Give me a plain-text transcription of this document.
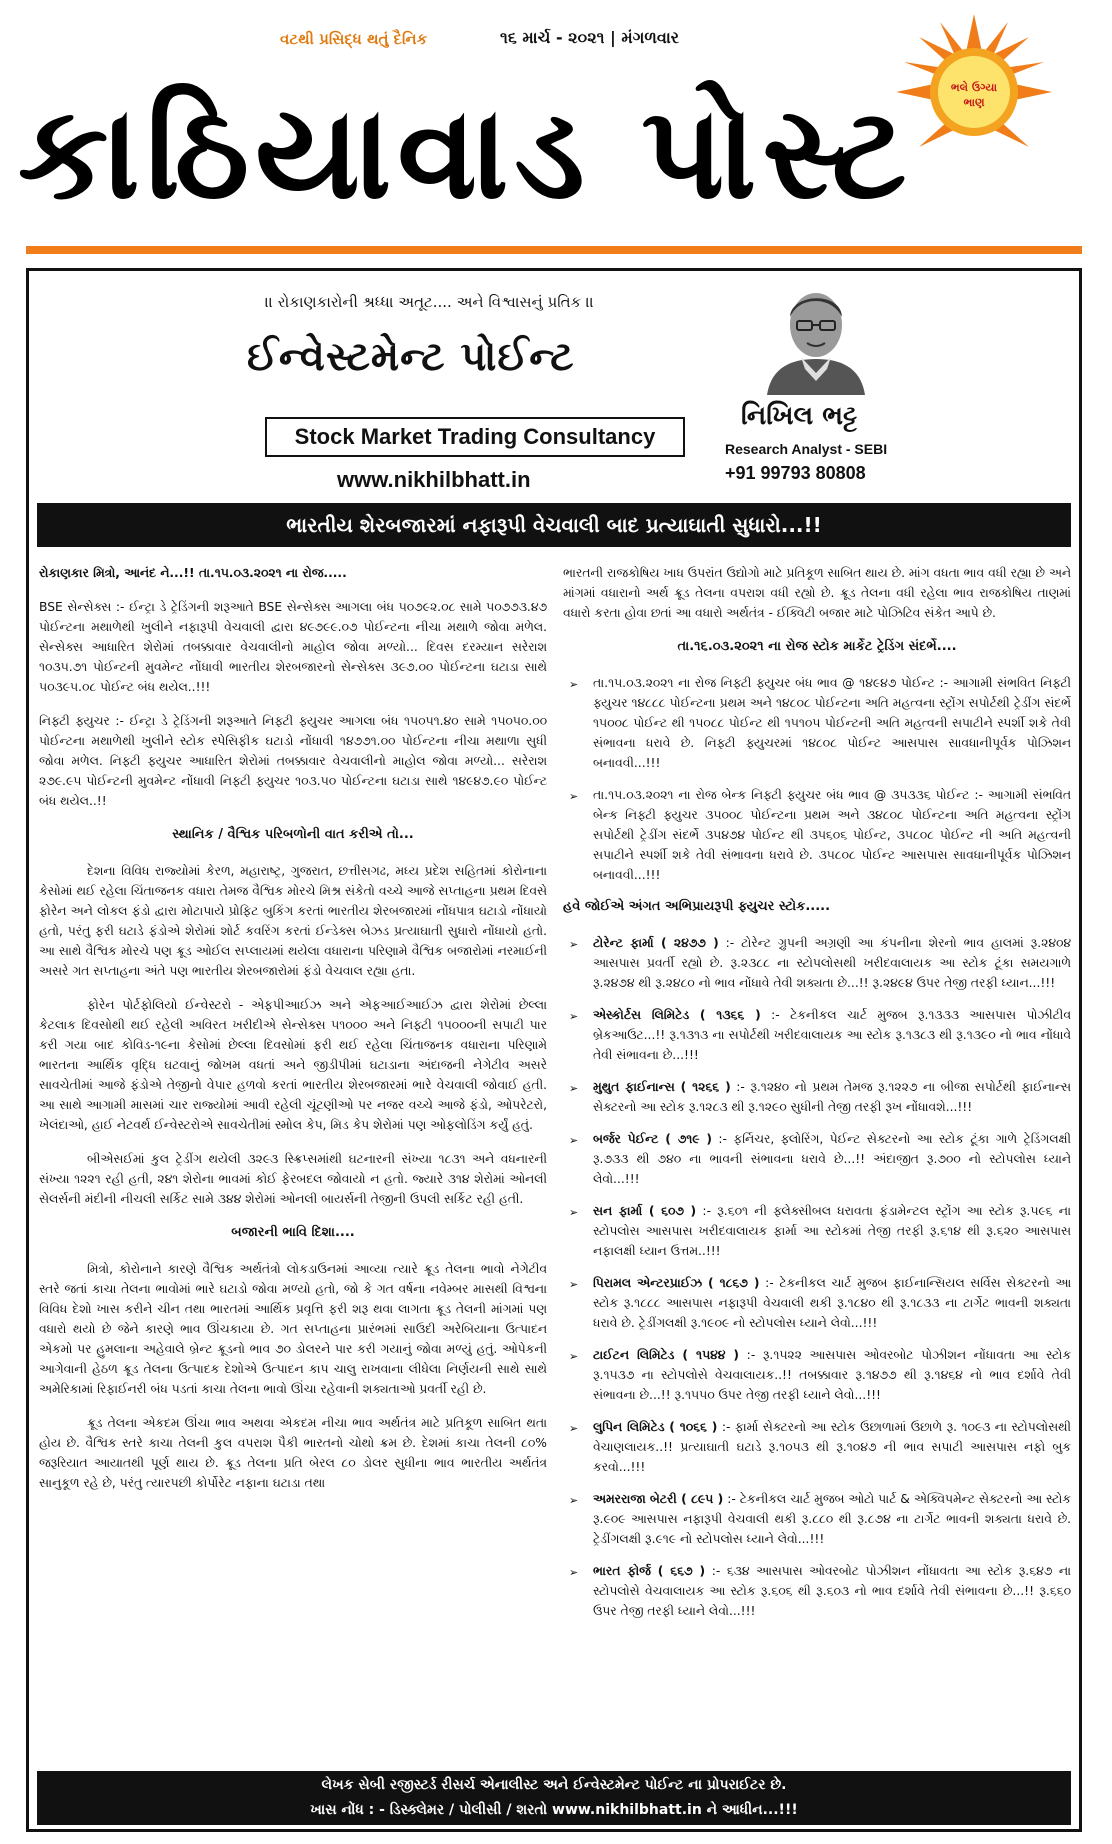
વટથી પ્રસિદ્ધ થતું દૈનિક	૧૬ માર્ચ - ૨૦૨૧ | મંગળવાર
ભલે ઉગ્યા
ભાણ
કાઠિયાવાડ પોસ્ટ
।। રોકાણકારોની શ્રધ્ધા અતૂટ.... અને વિશ્વાસનું પ્રતિક ।।
ઈન્વેસ્ટમેન્ટ પોઈન્ટ
Stock Market Trading Consultancy
www.nikhilbhatt.in
નિખિલ ભટ્ટ
Research Analyst - SEBI
+91 99793 80808
ભારતીય શેરબજારમાં નફારૂપી વેચવાલી બાદ પ્રત્યાઘાતી સુધારો...!!

રોકાણકાર મિત્રો, આનંદ ને...!! તા.૧૫.૦૩.૨૦૨૧ ના રોજ.....

BSE સેન્સેક્સ :- ઈન્ટ્રા ડે ટ્રેડિંગની શરૂઆતે BSE સેન્સેક્સ આગલા બંધ ૫૦૭૯૨.૦૮ સામે ૫૦૭૭૩.૪૭ પોઈન્ટના મથાળેથી ખુલીને નફારૂપી વેચવાલી દ્વારા ૪૯૭૯૯.૦૭ પોઈન્ટના નીચા મથાળે જોવા મળેલ. સેન્સેક્સ આધારિત શેરોમાં તબક્કાવાર વેચવાલીનો માહોલ જોવા મળ્યો... દિવસ દરમ્યાન સરેરાશ ૧૦૩૫.૭૧ પોઈન્ટની મુવમેન્ટ નોંધાવી ભારતીય શેરબજારનો સેન્સેક્સ ૩૯૭.૦૦ પોઈન્ટના ઘટાડા સાથે ૫૦૩૯૫.૦૮ પોઈન્ટ બંધ થયેલ..!!!

નિફ્ટી ફ્યુચર :- ઈન્ટ્રા ડે ટ્રેડિંગની શરૂઆતે નિફ્ટી ફ્યુચર આગલા બંધ ૧૫૦૫૧.૪૦ સામે ૧૫૦૫૦.૦૦ પોઈન્ટના મથાળેથી ખુલીને સ્ટોક સ્પેસિફીક ઘટાડો નોંધાવી ૧૪૭૭૧.૦૦ પોઈન્ટના નીચા મથાળા સુધી જોવા મળેલ. નિફ્ટી ફ્યુચર આધારિત શેરોમાં તબક્કાવાર વેચવાલીનો માહોલ જોવા મળ્યો... સરેરાશ ૨૭૯.૯૫ પોઈન્ટની મુવમેન્ટ નોંધાવી નિફ્ટી ફ્યુચર ૧૦૩.૫૦ પોઈન્ટના ઘટાડા સાથે ૧૪૯૪૭.૯૦ પોઈન્ટ બંધ થયેલ..!!

સ્થાનિક / વૈશ્વિક પરિબળોની વાત કરીએ તો...

દેશના વિવિધ રાજ્યોમાં કેરળ, મહારાષ્ટ્ર, ગુજરાત, છત્તીસગઢ, મધ્ય પ્રદેશ સહિતમાં કોરોનાના કેસોમાં થઈ રહેલા ચિંતાજનક વધારા તેમજ વૈશ્વિક મોરચે મિશ્ર સંકેતો વચ્ચે આજે સપ્તાહના પ્રથમ દિવસે ફોરેન અને લોકલ ફંડો દ્વારા મોટાપાયે પ્રોફિટ બુકિંગ કરતાં ભારતીય શેરબજારમાં નોંધપાત્ર ઘટાડો નોંધાયો હતો, પરંતુ ફરી ઘટાડે ફંડોએ શેરોમાં શોર્ટ કવરિંગ કરતાં ઈન્ડેક્સ બેઝડ પ્રત્યાઘાતી સુધારો નોંધાયો હતો. આ સાથે વૈશ્વિક મોરચે પણ ક્રૂડ ઓઈલ સપ્લાયમાં થયેલા વધારાના પરિણામે વૈશ્વિક બજારોમાં નરમાઈની અસરે ગત સપ્તાહના અંતે પણ ભારતીય શેરબજારોમાં ફંડો વેચવાલ રહ્યા હતા.

ફોરેન પોર્ટફોલિયો ઈન્વેસ્ટરો - એફપીઆઈઝ અને એફઆઈઆઈઝ દ્વારા શેરોમાં છેલ્લા કેટલાક દિવસોથી થઈ રહેલી અવિરત ખરીદીએ સેન્સેક્સ ૫૧૦૦૦ અને નિફ્ટી ૧૫૦૦૦ની સપાટી પાર કરી ગયા બાદ કોવિડ-૧૯ના કેસોમાં છેલ્લા દિવસોમાં ફરી થઈ રહેલા ચિંતાજનક વધારાના પરિણામે ભારતના આર્થિક વૃદ્ધિ ઘટવાનું જોખમ વધતાં અને જીડીપીમાં ઘટાડાના અંદાજની નેગેટીવ અસરે સાવચેતીમાં આજે ફંડોએ તેજીનો વેપાર હળવો કરતાં ભારતીય શેરબજારમાં ભારે વેચવાલી જોવાઈ હતી. આ સાથે આગામી માસમાં ચાર રાજ્યોમાં આવી રહેલી ચૂંટણીઓ પર નજર વચ્ચે આજે ફંડો, ઓપરેટરો, ખેલંદાઓ, હાઈ નેટવર્થ ઈન્વેસ્ટરોએ સાવચેતીમાં સ્મોલ કેપ, મિડ કેપ શેરોમાં પણ ઓફલોડિંગ કર્યું હતું.

બીએસઈમાં કુલ ટ્રેડીંગ થયેલી ૩૨૯૩ સ્ક્રિપ્સમાંથી ઘટનારની સંખ્યા ૧૮૩૧ અને વધનારની સંખ્યા ૧૨૨૧ રહી હતી, ૨૪૧ શેરોના ભાવમાં કોઈ ફેરબદલ જોવાયો ન હતો. જ્યારે ૩૧૪ શેરોમાં ઓનલી સેલર્સની મંદીની નીચલી સર્કિટ સામે ૩૪૪ શેરોમાં ઓનલી બાયર્સની તેજીની ઉપલી સર્કિટ રહી હતી.

બજારની ભાવિ દિશા....

મિત્રો, કોરોનાને કારણે વૈશ્વિક અર્થતંત્રો લોકડાઉનમાં આવ્યા ત્યારે ક્રૂડ તેલના ભાવો નેગેટીવ સ્તરે જતાં કાચા તેલના ભાવોમાં ભારે ઘટાડો જોવા મળ્યો હતો, જો કે ગત વર્ષના નવેમ્બર માસથી વિશ્વના વિવિધ દેશો ખાસ કરીને ચીન તથા ભારતમાં આર્થિક પ્રવૃત્તિ ફરી શરૂ થવા લાગતા ક્રૂડ તેલની માંગમાં પણ વધારો થયો છે જેને કારણે ભાવ ઊંચકાયા છે. ગત સપ્તાહના પ્રારંભમાં સાઉદી અરેબિયાના ઉત્પાદન એકમો પર હુમલાના અહેવાલે બ્રેન્ટ ક્રૂડનો ભાવ ૭૦ ડોલરને પાર કરી ગયાનું જોવા મળ્યું હતું. ઓપેકની આગેવાની હેઠળ ક્રૂડ તેલના ઉત્પાદક દેશોએ ઉત્પાદન કાપ ચાલુ રાખવાના લીધેલા નિર્ણયની સાથે સાથે અમેરિકામાં રિફાઈનરી બંધ પડતાં કાચા તેલના ભાવો ઊંચા રહેવાની શક્યતાઓ પ્રવર્તી રહી છે.

ક્રૂડ તેલના એકદમ ઊંચા ભાવ અથવા એકદમ નીચા ભાવ અર્થતંત્ર માટે પ્રતિકૂળ સાબિત થતા હોય છે. વૈશ્વિક સ્તરે કાચા તેલની કુલ વપરાશ પૈકી ભારતનો ચોથો ક્રમ છે. દેશમાં કાચા તેલની ૮૦% જરૂરિયાત આયાતથી પૂર્ણ થાય છે. ક્રૂડ તેલના પ્રતિ બેરલ ૮૦ ડોલર સુધીના ભાવ ભારતીય અર્થતંત્ર સાનુકૂળ રહે છે, પરંતુ ત્યારપછી કોર્પોરેટ નફાના ઘટાડા તથા

ભારતની રાજકોષિય ખાધ ઉપરાંત ઉદ્યોગો માટે પ્રતિકૂળ સાબિત થાય છે. માંગ વધતા ભાવ વધી રહ્યા છે અને માંગમાં વધારાનો અર્થ ક્રૂડ તેલના વપરાશ વધી રહ્યો છે. ક્રૂડ તેલના વધી રહેલા ભાવ રાજકોષિય તાણમાં વધારો કરતા હોવા છતાં આ વધારો અર્થતંત્ર - ઈક્વિટી બજાર માટે પોઝિટિવ સંકેત આપે છે.

તા.૧૬.૦૩.૨૦૨૧ ના રોજ સ્ટોક માર્કેટ ટ્રેડિંગ સંદર્ભે....
➢ તા.૧૫.૦૩.૨૦૨૧ ના રોજ નિફ્ટી ફ્યુચર બંધ ભાવ @ ૧૪૯૪૭ પોઈન્ટ :- આગામી સંભવિત નિફ્ટી ફ્યુચર ૧૪૮૮૮ પોઈન્ટના પ્રથમ અને ૧૪૮૦૮ પોઈન્ટના અતિ મહત્વના સ્ટ્રોંગ સપોર્ટથી ટ્રેડીંગ સંદર્ભે ૧૫૦૦૮ પોઈન્ટ થી ૧૫૦૮૮ પોઈન્ટ થી ૧૫૧૦૫ પોઈન્ટની અતિ મહત્વની સપાટીને સ્પર્શી શકે તેવી સંભાવના ધરાવે છે. નિફ્ટી ફ્યુચરમાં ૧૪૮૦૮ પોઈન્ટ આસપાસ સાવધાનીપૂર્વક પોઝિશન બનાવવી...!!!
➢ તા.૧૫.૦૩.૨૦૨૧ ના રોજ બેન્ક નિફ્ટી ફ્યુચર બંધ ભાવ @ ૩૫૩૩૬ પોઈન્ટ :- આગામી સંભવિત બેન્ક નિફ્ટી ફ્યુચર ૩૫૦૦૮ પોઈન્ટના પ્રથમ અને ૩૪૮૦૮ પોઈન્ટના અતિ મહત્વના સ્ટ્રોંગ સપોર્ટથી ટ્રેડીંગ સંદર્ભે ૩૫૪૭૪ પોઈન્ટ થી ૩૫૬૦૬ પોઈન્ટ, ૩૫૮૦૮ પોઈન્ટ ની અતિ મહત્વની સપાટીને સ્પર્શી શકે તેવી સંભાવના ધરાવે છે. ૩૫૮૦૮ પોઈન્ટ આસપાસ સાવધાનીપૂર્વક પોઝિશન બનાવવી...!!!
હવે જોઈએ અંગત અભિપ્રાયરૂપી ફ્યુચર સ્ટોક.....
➢ ટોરેન્ટ ફાર્મા ( ૨૪૭૭ ) :- ટોરેન્ટ ગ્રુપની અગ્રણી આ કંપનીના શેરનો ભાવ હાલમાં રૂ.૨૪૦૪ આસપાસ પ્રવર્તી રહ્યો છે. રૂ.૨૩૮૮ ના સ્ટોપલોસથી ખરીદવાલાયક આ સ્ટોક ટૂંકા સમયગાળે રૂ.૨૪૭૪ થી રૂ.૨૪૮૦ નો ભાવ નોંધાવે તેવી શક્યતા છે...!! રૂ.૨૪૯૪ ઉપર તેજી તરફી ધ્યાન...!!!
➢ એસ્કોર્ટસ લિમિટેડ ( ૧૩૬૬ ) :- ટેકનીકલ ચાર્ટ મુજબ રૂ.૧૩૩૩ આસપાસ પોઝીટીવ બ્રેકઆઉટ...!! રૂ.૧૩૧૩ ના સપોર્ટથી ખરીદવાલાયક આ સ્ટોક રૂ.૧૩૮૩ થી રૂ.૧૩૯૦ નો ભાવ નોંધાવે તેવી સંભાવના છે...!!!
➢ મુથુત ફાઈનાન્સ ( ૧૨૬૬ ) :- રૂ.૧૨૪૦ નો પ્રથમ તેમજ રૂ.૧૨૨૭ ના બીજા સપોર્ટથી ફાઈનાન્સ સેક્ટરનો આ સ્ટોક રૂ.૧૨૮૩ થી રૂ.૧૨૯૦ સુધીની તેજી તરફી રૂખ નોંધાવશે...!!!
➢ બર્જર પેઈન્ટ ( ૭૧૯ ) :- ફર્નિચર, ફ્લોરિંગ, પેઈન્ટ સેક્ટરનો આ સ્ટોક ટૂંકા ગાળે ટ્રેડિંગલક્ષી રૂ.૭૩૩ થી ૭૪૦ ના ભાવની સંભાવના ધરાવે છે...!! અંદાજીત રૂ.૭૦૦ નો સ્ટોપલોસ ધ્યાને લેવો...!!!
➢ સન ફાર્મા ( ૬૦૭ ) :- રૂ.૬૦૧ ની ફ્લેક્સીબલ ધરાવતા ફંડામેન્ટલ સ્ટ્રોંગ આ સ્ટોક રૂ.૫૯૬ ના સ્ટોપલોસ આસપાસ ખરીદવાલાયક ફાર્મા આ સ્ટોકમાં તેજી તરફી રૂ.૬૧૪ થી રૂ.૬૨૦ આસપાસ નફાલક્ષી ધ્યાન ઉત્તમ..!!!
➢ પિરામલ એન્ટરપ્રાઈઝ ( ૧૮૬૭ ) :- ટેકનીકલ ચાર્ટ મુજબ ફાઈનાન્સિયલ સર્વિસ સેક્ટરનો આ સ્ટોક રૂ.૧૮૮૮ આસપાસ નફારૂપી વેચવાલી થકી રૂ.૧૮૪૦ થી રૂ.૧૮૩૩ ના ટાર્ગેટ ભાવની શક્યતા ધરાવે છે. ટ્રેડીંગલક્ષી રૂ.૧૯૦૯ નો સ્ટોપલોસ ધ્યાને લેવો...!!!
➢ ટાઈટન લિમિટેડ ( ૧૫૪૪ ) :- રૂ.૧૫૨૨ આસપાસ ઓવરબોટ પોઝીશન નોંધાવતા આ સ્ટોક રૂ.૧૫૩૭ ના સ્ટોપલોસે વેચવાલાયક..!! તબક્કાવાર રૂ.૧૪૭૭ થી રૂ.૧૪૬૪ નો ભાવ દર્શાવે તેવી સંભાવના છે...!! રૂ.૧૫૫૦ ઉપર તેજી તરફી ધ્યાને લેવો...!!!
➢ લુપિન લિમિટેડ ( ૧૦૬૬ ) :- ફાર્મા સેક્ટરનો આ સ્ટોક ઉછાળામાં ઉછાળે રૂ. ૧૦૯૩ ના સ્ટોપલોસથી વેચાણલાયક..!! પ્રત્યાઘાતી ઘટાડે રૂ.૧૦૫૩ થી રૂ.૧૦૪૭ ની ભાવ સપાટી આસપાસ નફો બુક કરવો...!!!
➢ અમરરાજા બેટરી ( ૮૯૫ ) :- ટેકનીકલ ચાર્ટ મુજબ ઓટો પાર્ટ & એક્વિપમેન્ટ સેક્ટરનો આ સ્ટોક રૂ.૯૦૯ આસપાસ નફારૂપી વેચવાલી થકી રૂ.૮૮૦ થી રૂ.૮૭૪ ના ટાર્ગેટ ભાવની શક્યતા ધરાવે છે. ટ્રેડીંગલક્ષી રૂ.૯૧૯ નો સ્ટોપલોસ ધ્યાને લેવો...!!!
➢ ભારત ફોર્જ ( ૬૬૭ ) :- ૬૩૪ આસપાસ ઓવરબોટ પોઝીશન નોંધાવતા આ સ્ટોક રૂ.૬૪૭ ના સ્ટોપલોસે વેચવાલાયક આ સ્ટોક રૂ.૬૦૬ થી રૂ.૬૦૩ નો ભાવ દર્શાવે તેવી સંભાવના છે...!! રૂ.૬૬૦ ઉપર તેજી તરફી ધ્યાને લેવો...!!!
લેખક સેબી રજીસ્ટર્ડ રીસર્ચ એનાલીસ્ટ અને ઈન્વેસ્ટમેન્ટ પોઈન્ટ ના પ્રોપરાઈટર છે.
ખાસ નોંધ : - ડિસ્ક્લેમર / પોલીસી / શરતો www.nikhilbhatt.in ને આધીન...!!!
